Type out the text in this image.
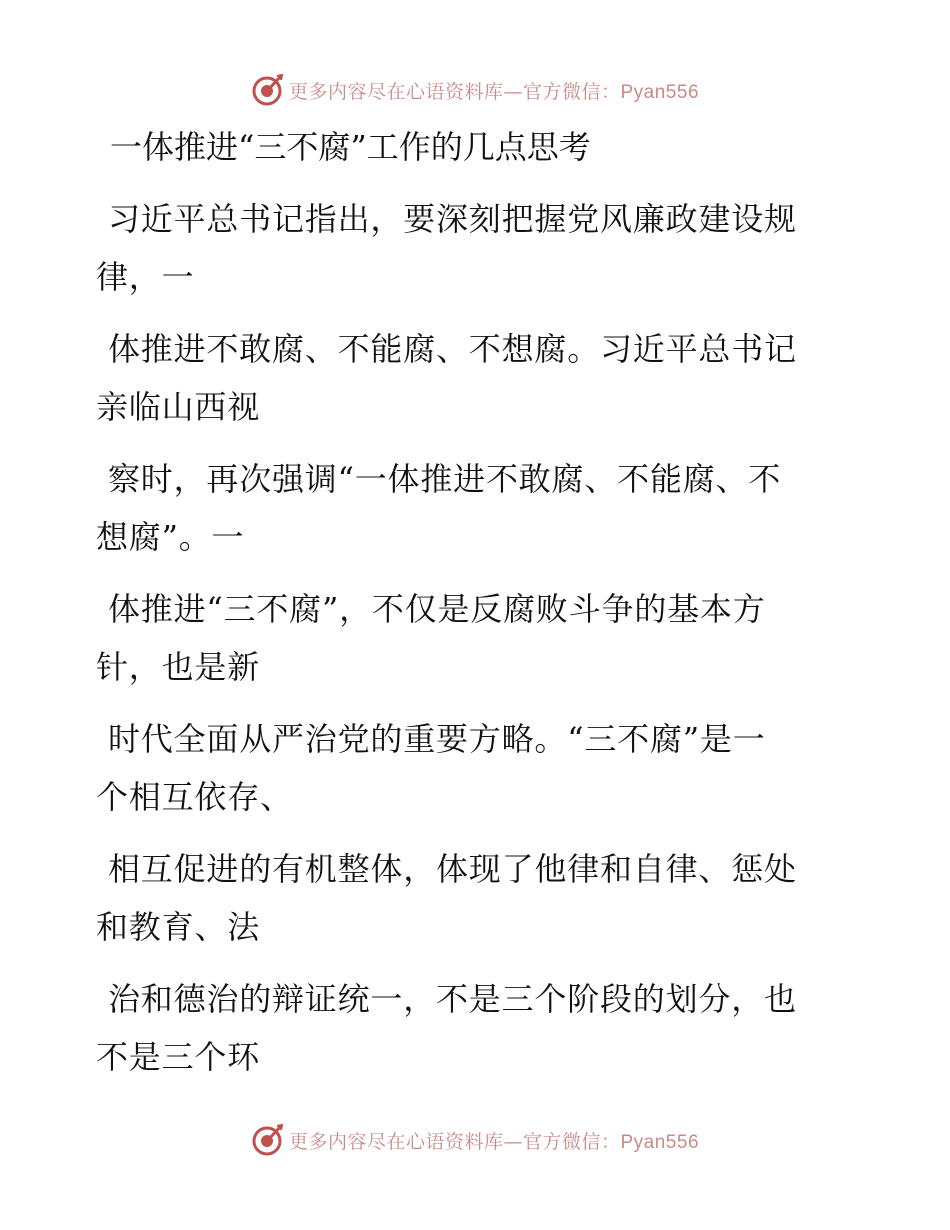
更多内容尽在心语资料库—官方微信：Pyan556
一体推进“三不腐”工作的几点思考

习近平总书记指出，要深刻把握党风廉政建设规
律，一

体推进不敢腐、不能腐、不想腐。习近平总书记
亲临山西视

察时，再次强调“一体推进不敢腐、不能腐、不
想腐”。一

体推进“三不腐”，不仅是反腐败斗争的基本方
针，也是新

时代全面从严治党的重要方略。“三不腐”是一
个相互依存、

相互促进的有机整体，体现了他律和自律、惩处
和教育、法

治和德治的辩证统一，不是三个阶段的划分，也
不是三个环

更多内容尽在心语资料库—官方微信：Pyan556
